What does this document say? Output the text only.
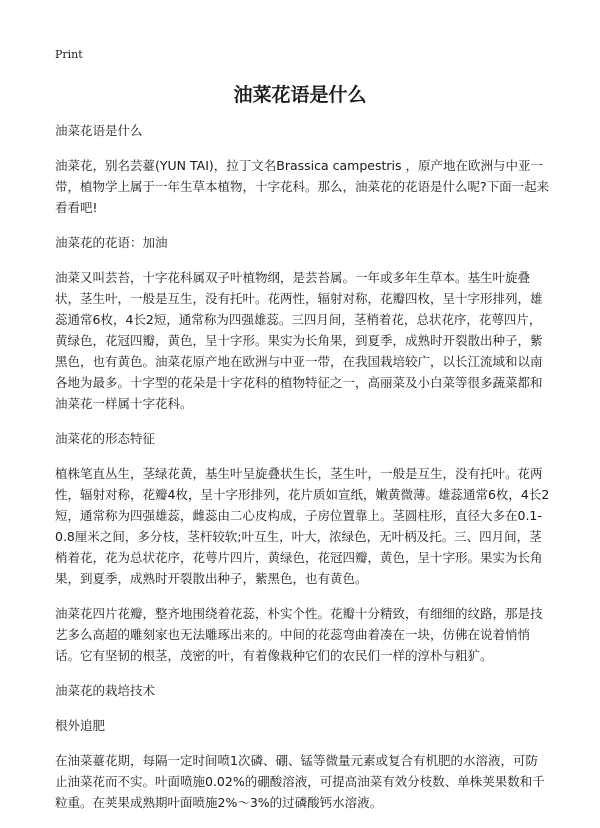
Print
油菜花语是什么

油菜花语是什么

油菜花，别名芸薹(YUN TAI)，拉丁文名Brassica campestris ，原产地在欧洲与中亚一带，植物学上属于一年生草本植物，十字花科。那么，油菜花的花语是什么呢?下面一起来看看吧!

油菜花的花语：加油

油菜又叫芸苔，十字花科属双子叶植物纲，是芸苔属。一年或多年生草本。基生叶旋叠状，茎生叶，一般是互生，没有托叶。花两性，辐射对称，花瓣四枚，呈十字形排列，雄蕊通常6枚，4长2短，通常称为四强雄蕊。三四月间，茎梢着花，总状花序，花萼四片，黄绿色，花冠四瓣，黄色，呈十字形。果实为长角果，到夏季，成熟时开裂散出种子，紫黑色，也有黄色。油菜花原产地在欧洲与中亚一带，在我国栽培较广，以长江流域和以南各地为最多。十字型的花朵是十字花科的植物特征之一，高丽菜及小白菜等很多蔬菜都和油菜花一样属十字花科。

油菜花的形态特征

植株笔直丛生，茎绿花黄，基生叶呈旋叠状生长，茎生叶，一般是互生，没有托叶。花两性，辐射对称，花瓣4枚，呈十字形排列，花片质如宣纸，嫩黄微薄。雄蕊通常6枚，4长2短，通常称为四强雄蕊，雌蕊由二心皮构成，子房位置靠上。茎圆柱形，直径大多在0.1-0.8厘米之间，多分枝，茎杆较软;叶互生，叶大，浓绿色，无叶柄及托。三、四月间，茎梢着花，花为总状花序，花萼片四片，黄绿色，花冠四瓣，黄色，呈十字形。果实为长角果，到夏季，成熟时开裂散出种子，紫黑色，也有黄色。

油菜花四片花瓣，整齐地围绕着花蕊，朴实个性。花瓣十分精致，有细细的纹路，那是技艺多么高超的雕刻家也无法雕琢出来的。中间的花蕊弯曲着凑在一块，仿佛在说着悄悄话。它有坚韧的根茎，茂密的叶，有着像栽种它们的农民们一样的淳朴与粗犷。

油菜花的栽培技术

根外追肥

在油菜薹花期，每隔一定时间喷1次磷、硼、锰等微量元素或复合有机肥的水溶液，可防止油菜花而不实。叶面喷施0.02%的硼酸溶液，可提高油菜有效分枝数、单株荚果数和千粒重。在荚果成熟期叶面喷施2%～3%的过磷酸钙水溶液。
